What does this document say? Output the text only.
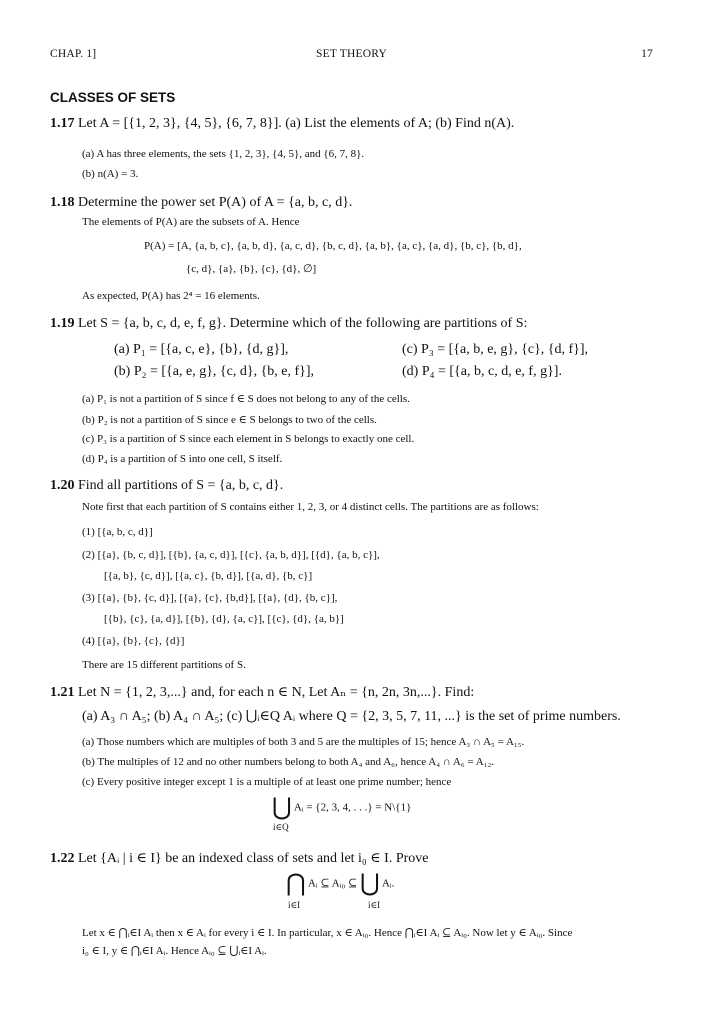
CHAP. 1]	SET THEORY	17
CLASSES OF SETS
1.17 Let A = [{1, 2, 3}, {4, 5}, {6, 7, 8}]. (a) List the elements of A; (b) Find n(A).
(a) A has three elements, the sets {1, 2, 3}, {4, 5}, and {6, 7, 8}.
(b) n(A) = 3.
1.18 Determine the power set P(A) of A = {a, b, c, d}.
The elements of P(A) are the subsets of A. Hence
P(A) = [A, {a, b, c}, {a, b, d}, {a, c, d}, {b, c, d}, {a, b}, {a, c}, {a, d}, {b, c}, {b, d},
{c, d}, {a}, {b}, {c}, {d}, ∅]
As expected, P(A) has 2⁴ = 16 elements.
1.19 Let S = {a, b, c, d, e, f, g}. Determine which of the following are partitions of S:
(a) P₁ = [{a, c, e}, {b}, {d, g}],	(c) P₃ = [{a, b, e, g}, {c}, {d, f}],
(b) P₂ = [{a, e, g}, {c, d}, {b, e, f}],	(d) P₄ = [{a, b, c, d, e, f, g}].
(a) P₁ is not a partition of S since f ∈ S does not belong to any of the cells.
(b) P₂ is not a partition of S since e ∈ S belongs to two of the cells.
(c) P₃ is a partition of S since each element in S belongs to exactly one cell.
(d) P₄ is a partition of S into one cell, S itself.
1.20 Find all partitions of S = {a, b, c, d}.
Note first that each partition of S contains either 1, 2, 3, or 4 distinct cells. The partitions are as follows:
(1) [{a, b, c, d}]
(2) [{a}, {b, c, d}], [{b}, {a, c, d}], [{c}, {a, b, d}], [{d}, {a, b, c}],
[{a, b}, {c, d}], [{a, c}, {b, d}], [{a, d}, {b, c}]
(3) [{a}, {b}, {c, d}], [{a}, {c}, {b,d}], [{a}, {d}, {b, c}],
[{b}, {c}, {a, d}], [{b}, {d}, {a, c}], [{c}, {d}, {a, b}]
(4) [{a}, {b}, {c}, {d}]
There are 15 different partitions of S.
1.21 Let N = {1, 2, 3,...} and, for each n ∈ N, Let Aₙ = {n, 2n, 3n,...}. Find:
(a) A₃ ∩ A₅; (b) A₄ ∩ A₅; (c) ⋃ᵢ∈Q Aᵢ where Q = {2, 3, 5, 7, 11, ...} is the set of prime numbers.
(a) Those numbers which are multiples of both 3 and 5 are the multiples of 15; hence A₃ ∩ A₅ = A₁₅.
(b) The multiples of 12 and no other numbers belong to both A₄ and A₆, hence A₄ ∩ A₆ = A₁₂.
(c) Every positive integer except 1 is a multiple of at least one prime number; hence
⋃ Aᵢ = {2, 3, 4, . . .} = N\{1}
i∈Q
1.22 Let {Aᵢ | i ∈ I} be an indexed class of sets and let i₀ ∈ I. Prove
⋂ Aᵢ ⊆ Aᵢ₀ ⊆ ⋃ Aᵢ.
i∈I	i∈I
Let x ∈ ⋂ᵢ∈I Aᵢ then x ∈ Aᵢ for every i ∈ I. In particular, x ∈ Aᵢ₀. Hence ⋂ᵢ∈I Aᵢ ⊆ Aᵢ₀. Now let y ∈ Aᵢ₀. Since
i₀ ∈ I, y ∈ ⋂ᵢ∈I Aᵢ. Hence Aᵢ₀ ⊆ ⋃ᵢ∈I Aᵢ.
